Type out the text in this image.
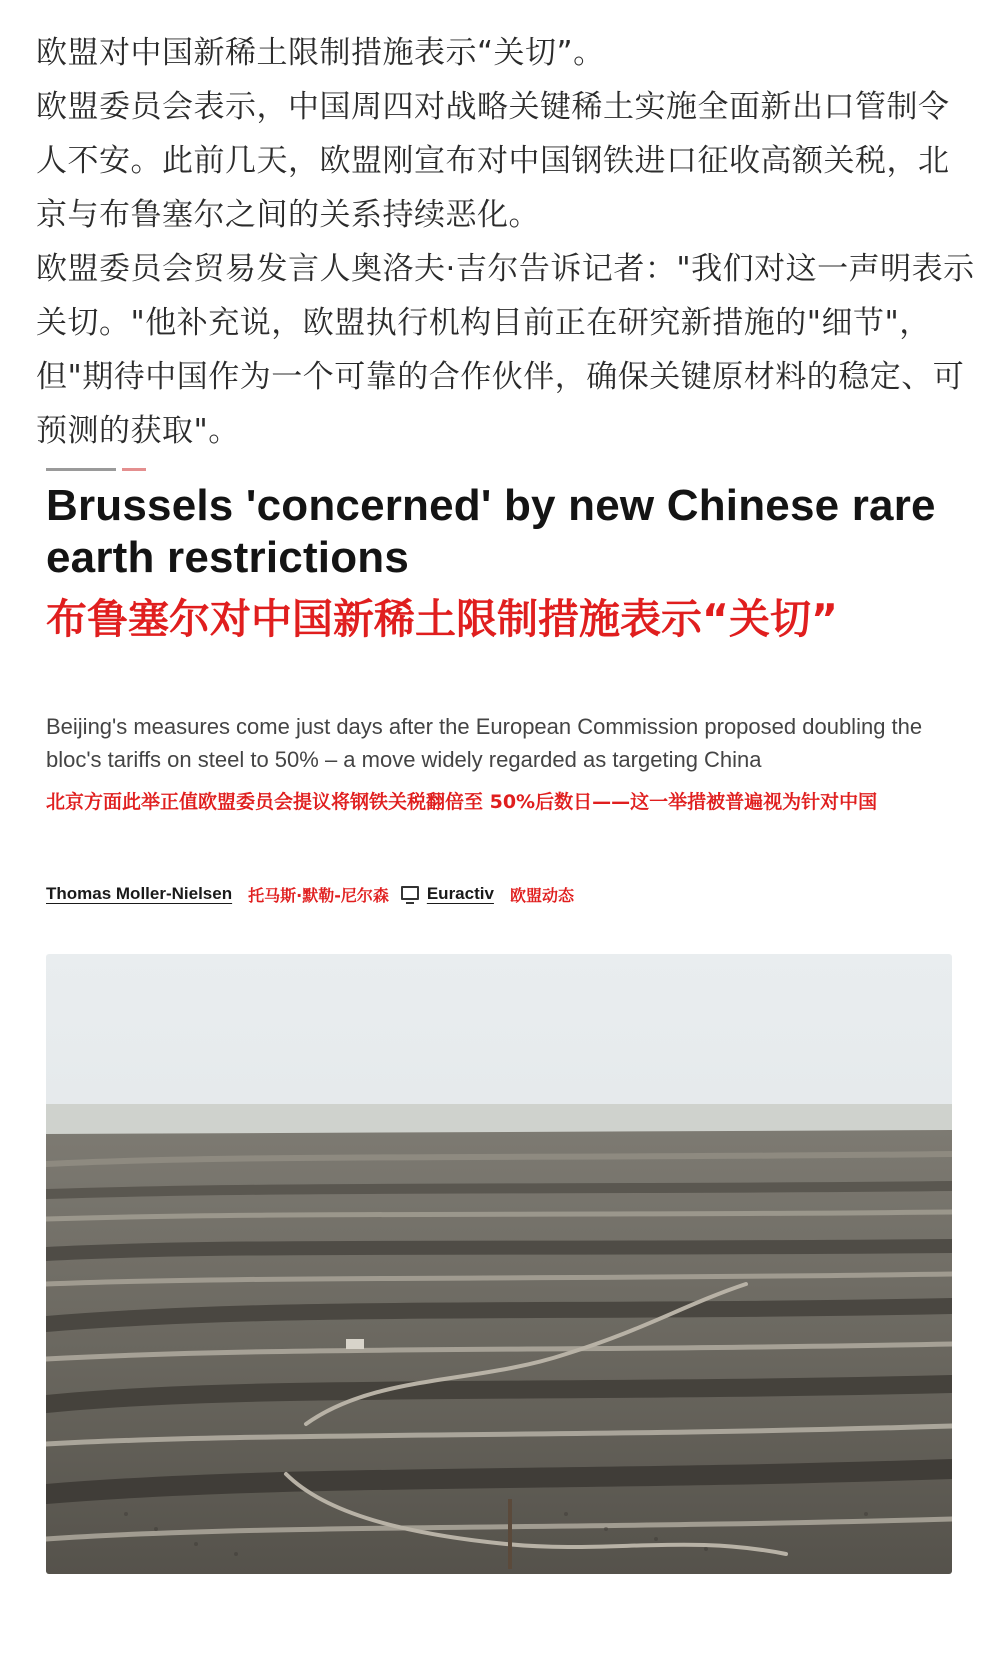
欧盟对中国新稀土限制措施表示“关切”。

欧盟委员会表示，中国周四对战略关键稀土实施全面新出口管制令人不安。此前几天，欧盟刚宣布对中国钢铁进口征收高额关税，北京与布鲁塞尔之间的关系持续恶化。

欧盟委员会贸易发言人奥洛夫·吉尔告诉记者："我们对这一声明表示关切。"他补充说，欧盟执行机构目前正在研究新措施的"细节"，但"期待中国作为一个可靠的合作伙伴，确保关键原材料的稳定、可预测的获取"。

Brussels 'concerned' by new Chinese rare earth restrictions
布鲁塞尔对中国新稀土限制措施表示“关切”

Beijing's measures come just days after the European Commission proposed doubling the bloc's tariffs on steel to 50% – a move widely regarded as targeting China

北京方面此举正值欧盟委员会提议将钢铁关税翻倍至 50%后数日——这一举措被普遍视为针对中国

Thomas Moller-Nielsen 托马斯·默勒-尼尔森 Euractiv 欧盟动态
